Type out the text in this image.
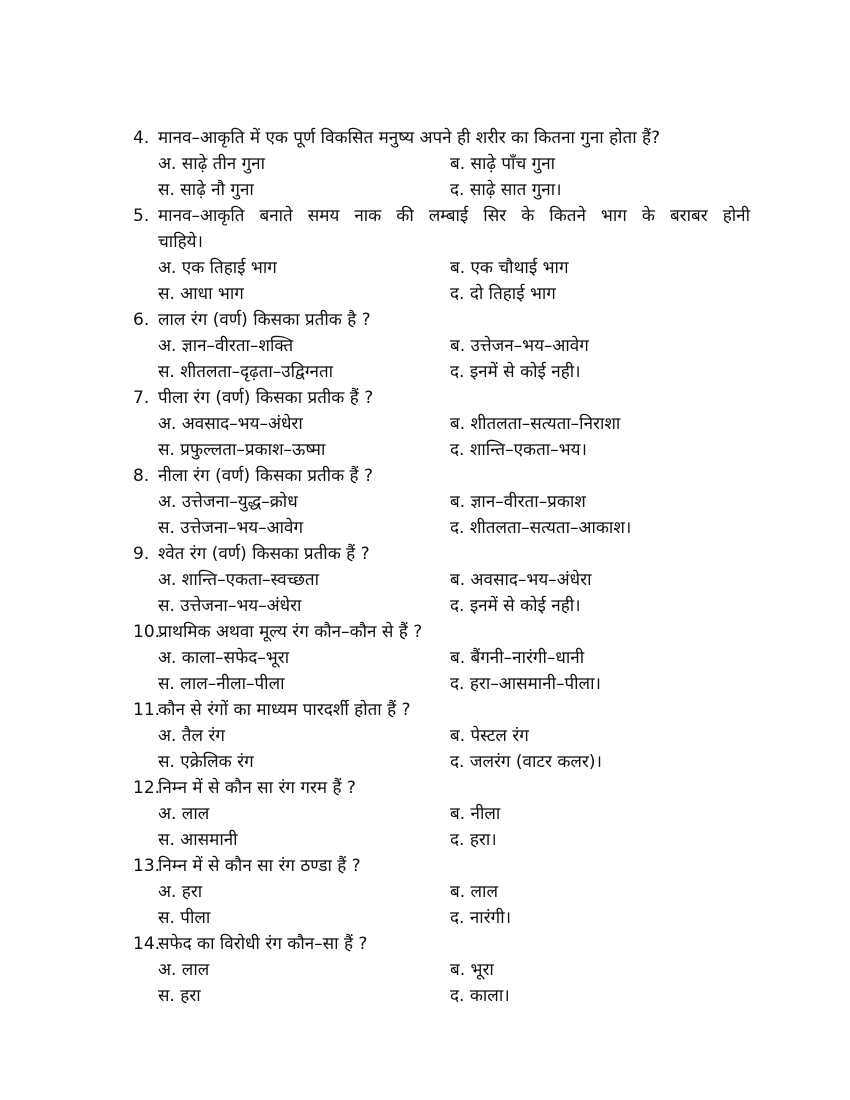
4. मानव–आकृति में एक पूर्ण विकसित मनुष्य अपने ही शरीर का कितना गुना होता हैं?
अ. साढ़े तीन गुना	ब. साढ़े पाँच गुना
स. साढ़े नौ गुना	द. साढ़े सात गुना।
5. मानव–आकृति बनाते समय नाक की लम्बाई सिर के कितने भाग के बराबर होनी
चाहिये।
अ. एक तिहाई भाग	ब. एक चौथाई भाग
स. आधा भाग	द. दो तिहाई भाग
6. लाल रंग (वर्ण) किसका प्रतीक है ?
अ. ज्ञान–वीरता–शक्ति	ब. उत्तेजन–भय–आवेग
स. शीतलता–दृढ़ता–उद्विग्नता	द. इनमें से कोई नही।
7. पीला रंग (वर्ण) किसका प्रतीक हैं ?
अ. अवसाद–भय–अंधेरा	ब. शीतलता–सत्यता–निराशा
स. प्रफुल्लता–प्रकाश–ऊष्मा	द. शान्ति–एकता–भय।
8. नीला रंग (वर्ण) किसका प्रतीक हैं ?
अ. उत्तेजना–युद्ध–क्रोध	ब. ज्ञान–वीरता–प्रकाश
स. उत्तेजना–भय–आवेग	द. शीतलता–सत्यता–आकाश।
9. श्वेत रंग (वर्ण) किसका प्रतीक हैं ?
अ. शान्ति–एकता–स्वच्छता	ब. अवसाद–भय–अंधेरा
स. उत्तेजना–भय–अंधेरा	द. इनमें से कोई नही।
10.
प्राथमिक अथवा मूल्य रंग कौन–कौन से हैं ?
अ. काला–सफेद–भूरा	ब. बैंगनी–नारंगी–धानी
स. लाल–नीला–पीला	द. हरा–आसमानी–पीला।
11.
कौन से रंगों का माध्यम पारदर्शी होता हैं ?
अ. तैल रंग	ब. पेस्टल रंग
स. एक्रेलिक रंग	द. जलरंग (वाटर कलर)।
12.
निम्न में से कौन सा रंग गरम हैं ?
अ. लाल	ब. नीला
स. आसमानी	द. हरा।
13.
निम्न में से कौन सा रंग ठण्डा हैं ?
अ. हरा	ब. लाल
स. पीला	द. नारंगी।
14.
सफेद का विरोधी रंग कौन–सा हैं ?
अ. लाल	ब. भूरा
स. हरा	द. काला।
